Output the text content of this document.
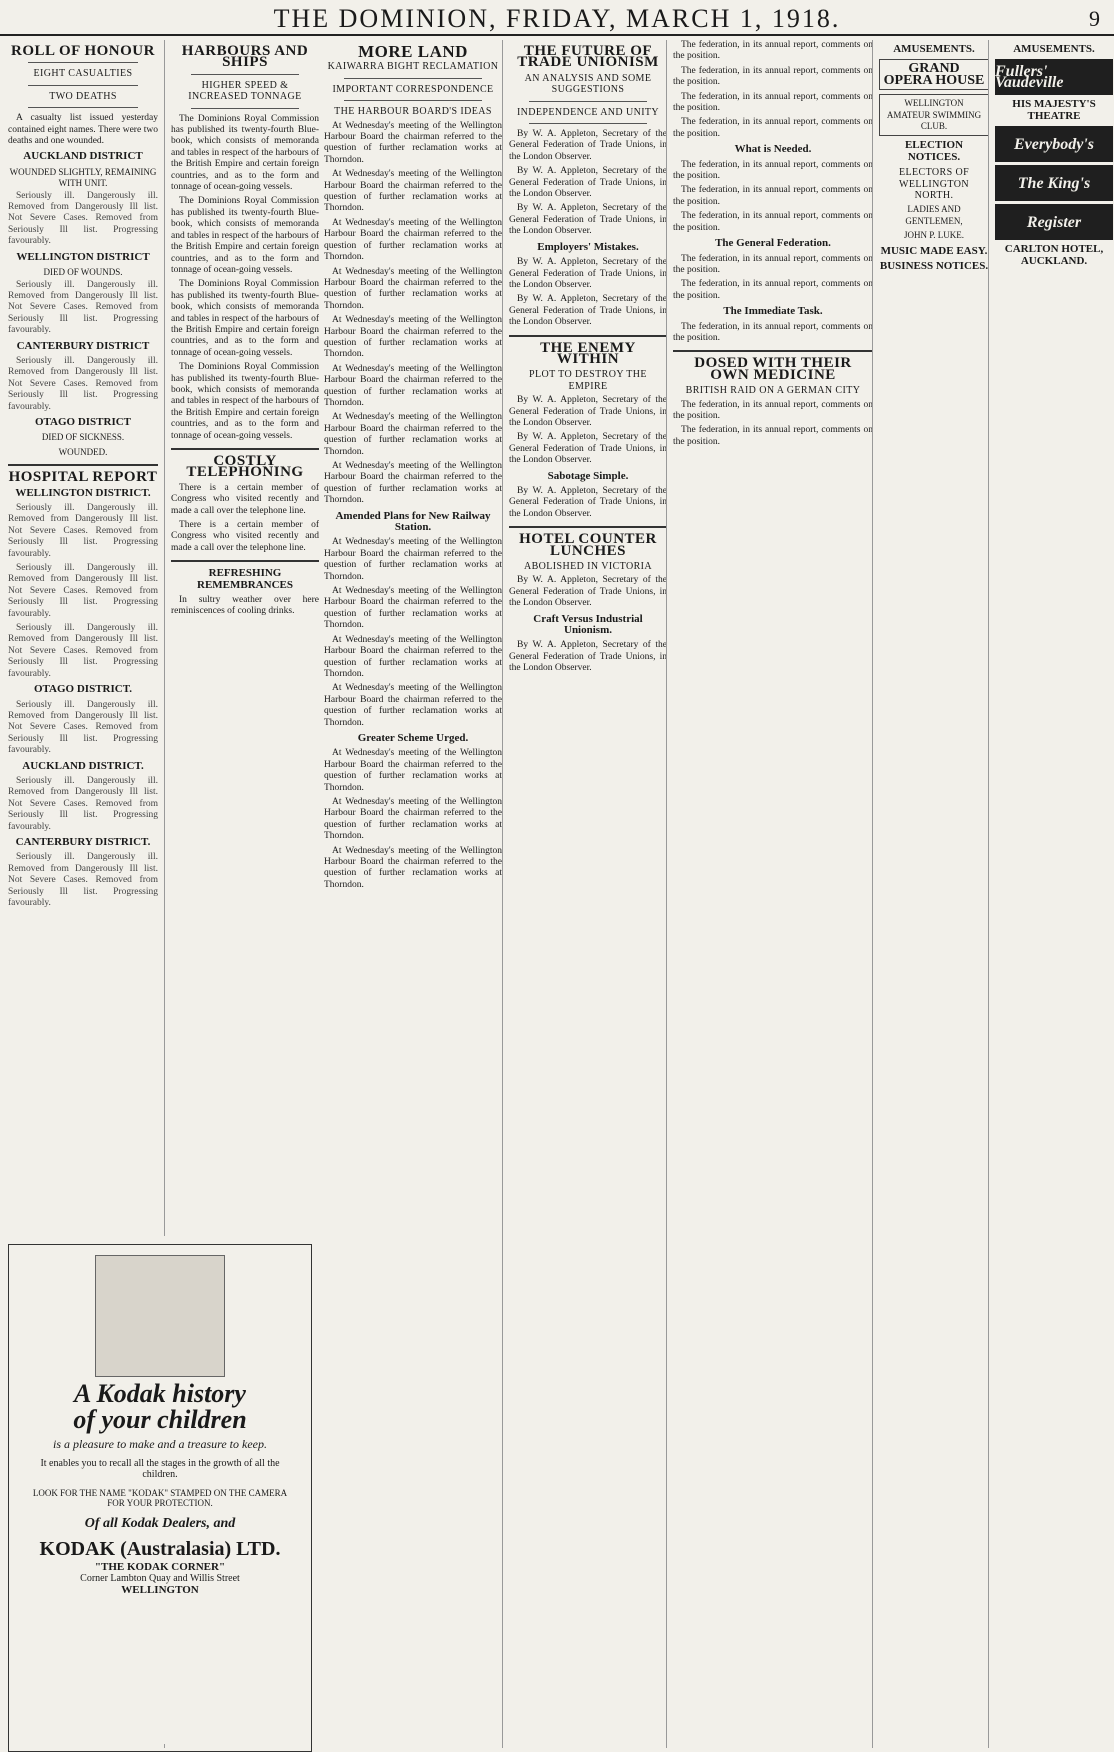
THE DOMINION, FRIDAY, MARCH 1, 1918.	9
ROLL OF HONOUR
EIGHT CASUALTIES
TWO DEATHS

A casualty list issued yesterday contained eight names. There were two deaths and one wounded.

AUCKLAND DISTRICT
WOUNDED SLIGHTLY, REMAINING WITH UNIT.

Seriously ill. Dangerously ill. Removed from Dangerously Ill list. Not Severe Cases. Removed from Seriously Ill list. Progressing favourably.

WELLINGTON DISTRICT
DIED OF WOUNDS.

Seriously ill. Dangerously ill. Removed from Dangerously Ill list. Not Severe Cases. Removed from Seriously Ill list. Progressing favourably.

CANTERBURY DISTRICT

Seriously ill. Dangerously ill. Removed from Dangerously Ill list. Not Severe Cases. Removed from Seriously Ill list. Progressing favourably.

OTAGO DISTRICT
DIED OF SICKNESS.
WOUNDED.
HOSPITAL REPORT
WELLINGTON DISTRICT.

Seriously ill. Dangerously ill. Removed from Dangerously Ill list. Not Severe Cases. Removed from Seriously Ill list. Progressing favourably.

Seriously ill. Dangerously ill. Removed from Dangerously Ill list. Not Severe Cases. Removed from Seriously Ill list. Progressing favourably.

Seriously ill. Dangerously ill. Removed from Dangerously Ill list. Not Severe Cases. Removed from Seriously Ill list. Progressing favourably.

OTAGO DISTRICT.

Seriously ill. Dangerously ill. Removed from Dangerously Ill list. Not Severe Cases. Removed from Seriously Ill list. Progressing favourably.

AUCKLAND DISTRICT.

Seriously ill. Dangerously ill. Removed from Dangerously Ill list. Not Severe Cases. Removed from Seriously Ill list. Progressing favourably.

CANTERBURY DISTRICT.

Seriously ill. Dangerously ill. Removed from Dangerously Ill list. Not Severe Cases. Removed from Seriously Ill list. Progressing favourably.

HARBOURS AND SHIPS
HIGHER SPEED & INCREASED TONNAGE

The Dominions Royal Commission has published its twenty-fourth Blue-book, which consists of memoranda and tables in respect of the harbours of the British Empire and certain foreign countries, and as to the form and tonnage of ocean-going vessels.

The Dominions Royal Commission has published its twenty-fourth Blue-book, which consists of memoranda and tables in respect of the harbours of the British Empire and certain foreign countries, and as to the form and tonnage of ocean-going vessels.

The Dominions Royal Commission has published its twenty-fourth Blue-book, which consists of memoranda and tables in respect of the harbours of the British Empire and certain foreign countries, and as to the form and tonnage of ocean-going vessels.

The Dominions Royal Commission has published its twenty-fourth Blue-book, which consists of memoranda and tables in respect of the harbours of the British Empire and certain foreign countries, and as to the form and tonnage of ocean-going vessels.

COSTLY TELEPHONING

There is a certain member of Congress who visited recently and made a call over the telephone line.

There is a certain member of Congress who visited recently and made a call over the telephone line.

REFRESHING REMEMBRANCES

In sultry weather over here reminiscences of cooling drinks.

A Kodak history
of your children
is a pleasure to make and a treasure to keep.
It enables you to recall all the stages in the growth of all the children.
LOOK FOR THE NAME "KODAK" STAMPED ON THE CAMERA FOR YOUR PROTECTION.
Of all Kodak Dealers, and
KODAK (Australasia) LTD.
"THE KODAK CORNER"
Corner Lambton Quay and Willis Street
WELLINGTON
MORE LAND
KAIWARRA BIGHT RECLAMATION
IMPORTANT CORRESPONDENCE
THE HARBOUR BOARD'S IDEAS

At Wednesday's meeting of the Wellington Harbour Board the chairman referred to the question of further reclamation works at Thorndon.

At Wednesday's meeting of the Wellington Harbour Board the chairman referred to the question of further reclamation works at Thorndon.

At Wednesday's meeting of the Wellington Harbour Board the chairman referred to the question of further reclamation works at Thorndon.

At Wednesday's meeting of the Wellington Harbour Board the chairman referred to the question of further reclamation works at Thorndon.

At Wednesday's meeting of the Wellington Harbour Board the chairman referred to the question of further reclamation works at Thorndon.

At Wednesday's meeting of the Wellington Harbour Board the chairman referred to the question of further reclamation works at Thorndon.

At Wednesday's meeting of the Wellington Harbour Board the chairman referred to the question of further reclamation works at Thorndon.

At Wednesday's meeting of the Wellington Harbour Board the chairman referred to the question of further reclamation works at Thorndon.

Amended Plans for New Railway Station.

At Wednesday's meeting of the Wellington Harbour Board the chairman referred to the question of further reclamation works at Thorndon.

At Wednesday's meeting of the Wellington Harbour Board the chairman referred to the question of further reclamation works at Thorndon.

At Wednesday's meeting of the Wellington Harbour Board the chairman referred to the question of further reclamation works at Thorndon.

At Wednesday's meeting of the Wellington Harbour Board the chairman referred to the question of further reclamation works at Thorndon.

Greater Scheme Urged.

At Wednesday's meeting of the Wellington Harbour Board the chairman referred to the question of further reclamation works at Thorndon.

At Wednesday's meeting of the Wellington Harbour Board the chairman referred to the question of further reclamation works at Thorndon.

At Wednesday's meeting of the Wellington Harbour Board the chairman referred to the question of further reclamation works at Thorndon.

THE FUTURE OF TRADE UNIONISM
AN ANALYSIS AND SOME SUGGESTIONS
INDEPENDENCE AND UNITY

By W. A. Appleton, Secretary of the General Federation of Trade Unions, in the London Observer.

By W. A. Appleton, Secretary of the General Federation of Trade Unions, in the London Observer.

By W. A. Appleton, Secretary of the General Federation of Trade Unions, in the London Observer.

Employers' Mistakes.

By W. A. Appleton, Secretary of the General Federation of Trade Unions, in the London Observer.

By W. A. Appleton, Secretary of the General Federation of Trade Unions, in the London Observer.

THE ENEMY WITHIN
PLOT TO DESTROY THE EMPIRE

By W. A. Appleton, Secretary of the General Federation of Trade Unions, in the London Observer.

By W. A. Appleton, Secretary of the General Federation of Trade Unions, in the London Observer.

Sabotage Simple.

By W. A. Appleton, Secretary of the General Federation of Trade Unions, in the London Observer.

HOTEL COUNTER LUNCHES
ABOLISHED IN VICTORIA

By W. A. Appleton, Secretary of the General Federation of Trade Unions, in the London Observer.

Craft Versus Industrial Unionism.

By W. A. Appleton, Secretary of the General Federation of Trade Unions, in the London Observer.

The federation, in its annual report, comments on the position.

The federation, in its annual report, comments on the position.

The federation, in its annual report, comments on the position.

The federation, in its annual report, comments on the position.

What is Needed.

The federation, in its annual report, comments on the position.

The federation, in its annual report, comments on the position.

The federation, in its annual report, comments on the position.

The General Federation.

The federation, in its annual report, comments on the position.

The federation, in its annual report, comments on the position.

The Immediate Task.

The federation, in its annual report, comments on the position.

DOSED WITH THEIR OWN MEDICINE
BRITISH RAID ON A GERMAN CITY

The federation, in its annual report, comments on the position.

The federation, in its annual report, comments on the position.

AMUSEMENTS.
GRAND OPERA HOUSE
WELLINGTON AMATEUR SWIMMING CLUB.
ELECTION NOTICES.
ELECTORS OF WELLINGTON NORTH.
LADIES AND GENTLEMEN,
JOHN P. LUKE.
MUSIC MADE EASY.
BUSINESS NOTICES.
AMUSEMENTS.
Fullers' Vaudeville
HIS MAJESTY'S THEATRE
Everybody's
The King's
Register
CARLTON HOTEL, AUCKLAND.
